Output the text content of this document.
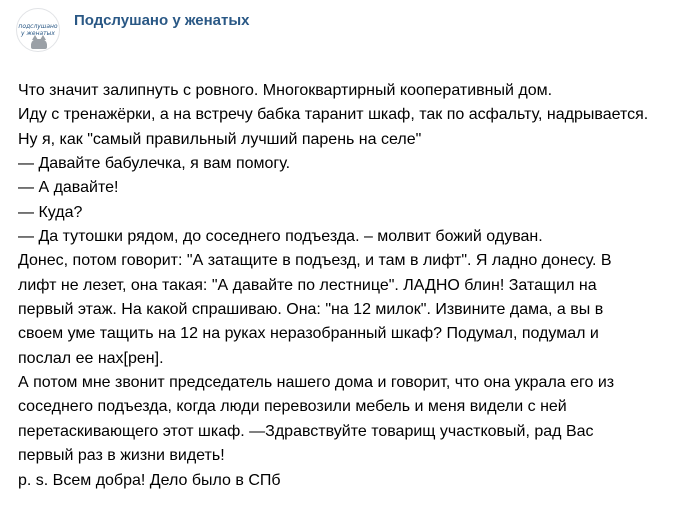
подслушано
у женатых
Подслушано у женатых
Что значит залипнуть с ровного. Многоквартирный кооперативный дом.
Иду с тренажёрки, а на встречу бабка таранит шкаф, так по асфальту, надрывается.
Ну я, как "самый правильный лучший парень на селе"
— Давайте бабулечка, я вам помогу.
— А давайте!
— Куда?
— Да тутошки рядом, до соседнего подъезда. – молвит божий одуван.
Донес, потом говорит: "А затащите в подъезд, и там в лифт". Я ладно донесу. В
лифт не лезет, она такая: "А давайте по лестнице". ЛАДНО блин! Затащил на
первый этаж. На какой спрашиваю. Она: "на 12 милок". Извините дама, а вы в
своем уме тащить на 12 на руках неразобранный шкаф? Подумал, подумал и
послал ее нах[рен].
А потом мне звонит председатель нашего дома и говорит, что она украла его из
соседнего подъезда, когда люди перевозили мебель и меня видели с ней
перетаскивающего этот шкаф. —Здравствуйте товарищ участковый, рад Вас
первый раз в жизни видеть!
p. s. Всем добра! Дело было в СПб
